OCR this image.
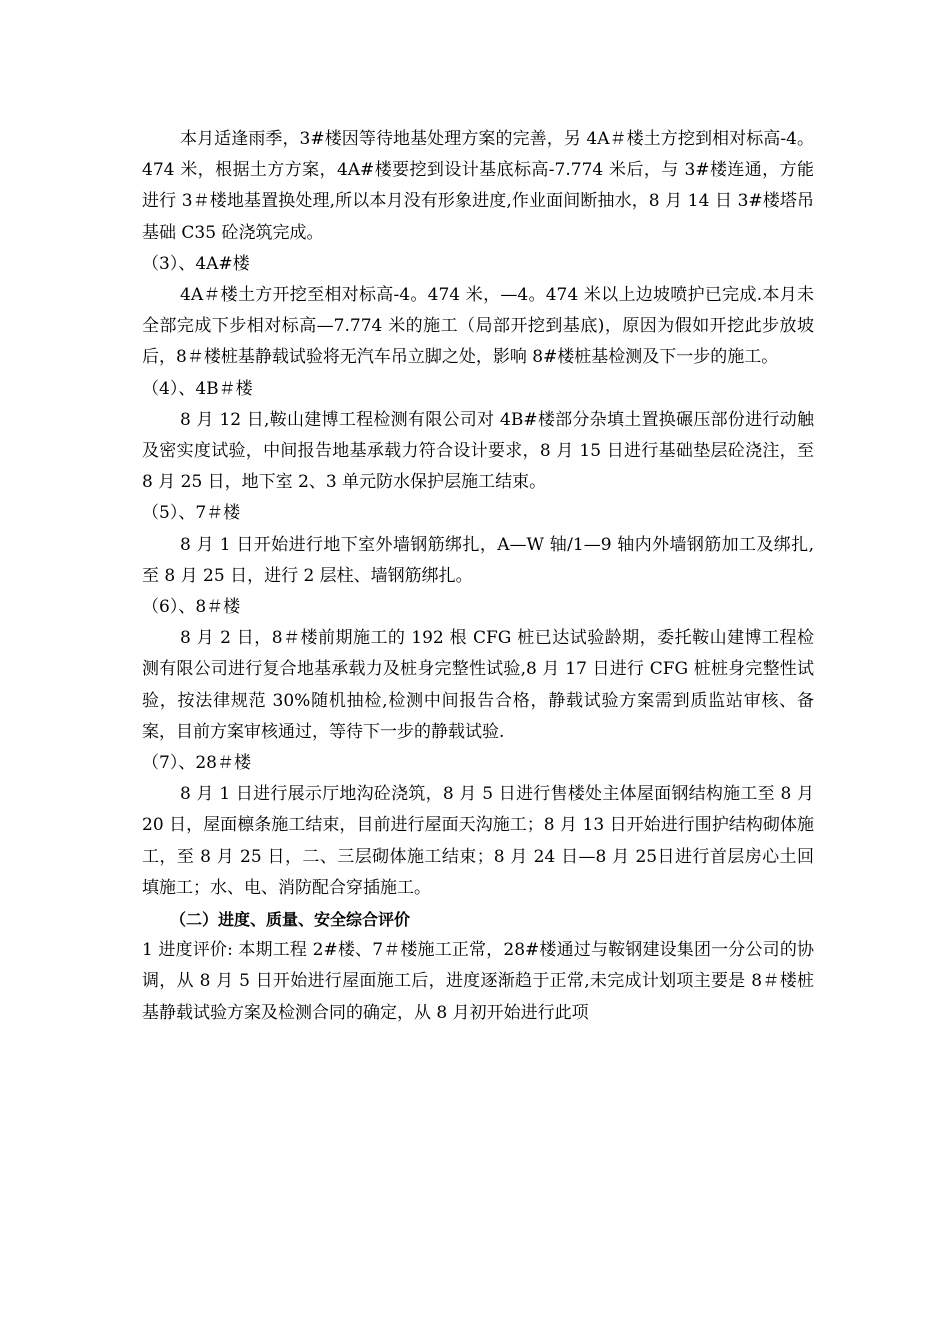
本月适逢雨季，3#楼因等待地基处理方案的完善，另 4A＃楼土方挖到相对标高-4。474 米，根据土方方案，4A#楼要挖到设计基底标高-7.774 米后，与 3#楼连通，方能进行 3＃楼地基置换处理,所以本月没有形象进度,作业面间断抽水，8 月 14 日 3#楼塔吊基础 C35 砼浇筑完成。

（3）、4A#楼

4A＃楼土方开挖至相对标高-4。474 米，—4。474 米以上边坡喷护已完成.本月未全部完成下步相对标高—7.774 米的施工（局部开挖到基底)，原因为假如开挖此步放坡后，8＃楼桩基静载试验将无汽车吊立脚之处，影响 8#楼桩基检测及下一步的施工。

（4）、4B＃楼

8 月 12 日,鞍山建博工程检测有限公司对 4B#楼部分杂填土置换碾压部份进行动触及密实度试验，中间报告地基承载力符合设计要求，8 月 15 日进行基础垫层砼浇注，至 8 月 25 日，地下室 2、3 单元防水保护层施工结束。

（5）、7＃楼

8 月 1 日开始进行地下室外墙钢筋绑扎，A—W 轴/1—9 轴内外墙钢筋加工及绑扎,至 8 月 25 日，进行 2 层柱、墙钢筋绑扎。

（6）、8＃楼

8 月 2 日，8＃楼前期施工的 192 根 CFG 桩已达试验龄期，委托鞍山建博工程检测有限公司进行复合地基承载力及桩身完整性试验,8 月 17 日进行 CFG 桩桩身完整性试验，按法律规范 30%随机抽检,检测中间报告合格，静载试验方案需到质监站审核、备案，目前方案审核通过，等待下一步的静载试验.

（7）、28＃楼

8 月 1 日进行展示厅地沟砼浇筑，8 月 5 日进行售楼处主体屋面钢结构施工至 8 月 20 日，屋面檩条施工结束，目前进行屋面天沟施工；8 月 13 日开始进行围护结构砌体施工，至 8 月 25 日，二、三层砌体施工结束；8 月 24 日—8 月 25日进行首层房心土回填施工；水、电、消防配合穿插施工。

（二）进度、质量、安全综合评价

1 进度评价: 本期工程 2#楼、7＃楼施工正常，28#楼通过与鞍钢建设集团一分公司的协调，从 8 月 5 日开始进行屋面施工后，进度逐渐趋于正常,未完成计划项主要是 8＃楼桩基静载试验方案及检测合同的确定，从 8 月初开始进行此项
